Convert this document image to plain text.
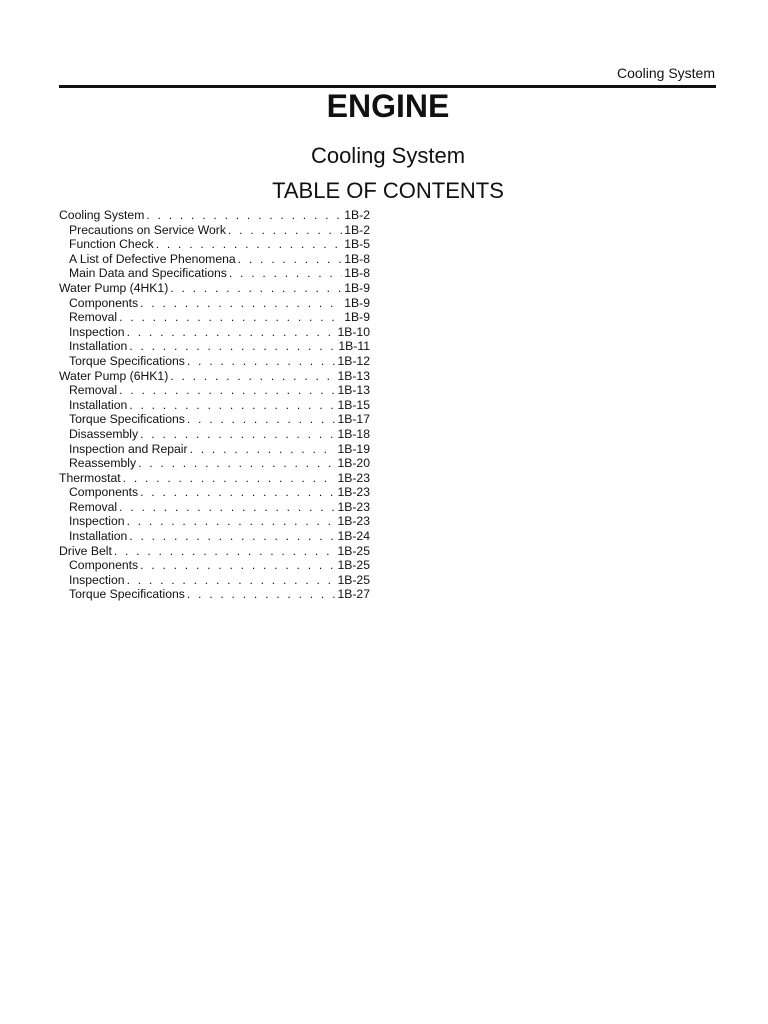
Cooling System
ENGINE
Cooling System
TABLE OF CONTENTS
Cooling System . . .	1B-2
Precautions on Service Work . . .	1B-2
Function Check . . .	1B-5
A List of Defective Phenomena . . .	1B-8
Main Data and Specifications . . .	1B-8
Water Pump (4HK1) . . .	1B-9
Components . . .	1B-9
Removal . . .	1B-9
Inspection . . .	1B-10
Installation . . .	1B-11
Torque Specifications . . .	1B-12
Water Pump (6HK1) . . .	1B-13
Removal . . .	1B-13
Installation . . .	1B-15
Torque Specifications . . .	1B-17
Disassembly . . .	1B-18
Inspection and Repair . . .	1B-19
Reassembly . . .	1B-20
Thermostat . . .	1B-23
Components . . .	1B-23
Removal . . .	1B-23
Inspection . . .	1B-23
Installation . . .	1B-24
Drive Belt . . .	1B-25
Components . . .	1B-25
Inspection . . .	1B-25
Torque Specifications . . .	1B-27
